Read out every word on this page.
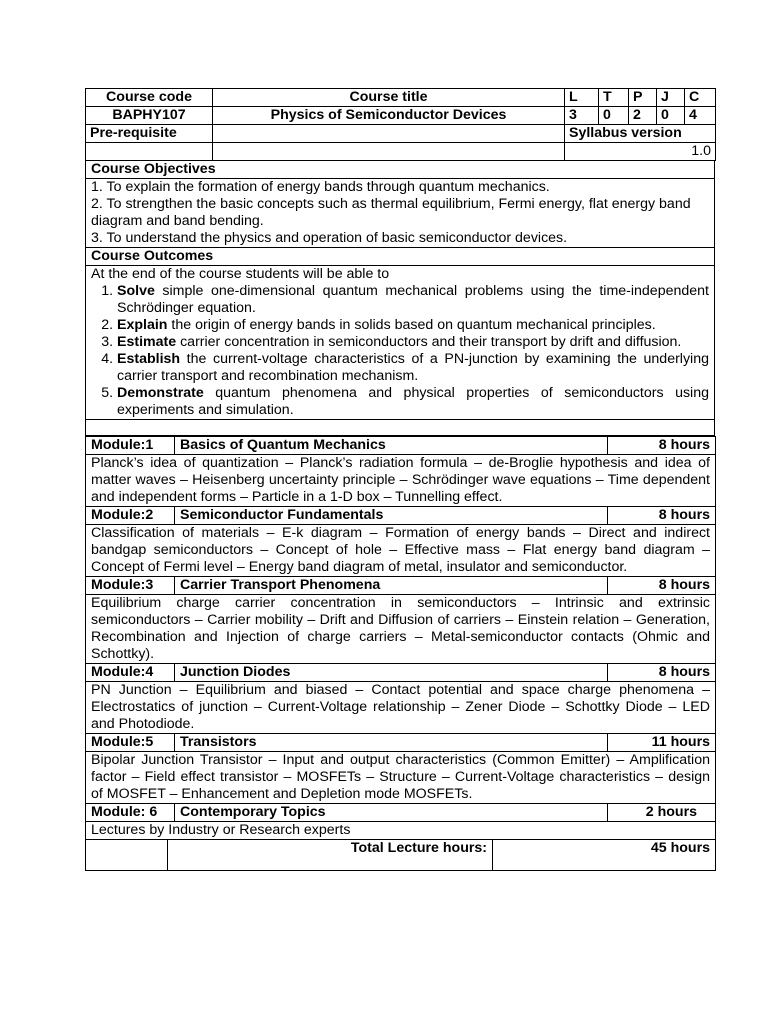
Course code	Course title	L	T	P	J	C
BAPHY107	Physics of Semiconductor Devices	3	0	2	0	4
Pre-requisite		Syllabus version				
		1.0				
Course Objectives

1. To explain the formation of energy bands through quantum mechanics.

2. To strengthen the basic concepts such as thermal equilibrium, Fermi energy, flat energy band diagram and band bending.

3. To understand the physics and operation of basic semiconductor devices.

Course Outcomes

At the end of the course students will be able to

1. Solve simple one-dimensional quantum mechanical problems using the time-independent Schrödinger equation.
2. Explain the origin of energy bands in solids based on quantum mechanical principles.
3. Estimate carrier concentration in semiconductors and their transport by drift and diffusion.
4. Establish the current-voltage characteristics of a PN-junction by examining the underlying carrier transport and recombination mechanism.
5. Demonstrate quantum phenomena and physical properties of semiconductors using experiments and simulation.

Module:1	Basics of Quantum Mechanics	8 hours
Planck’s idea of quantization – Planck’s radiation formula – de-Broglie hypothesis and idea of matter waves – Heisenberg uncertainty principle – Schrödinger wave equations – Time dependent and independent forms – Particle in a 1-D box – Tunnelling effect.		
Module:2	Semiconductor Fundamentals	8 hours
Classification of materials – E-k diagram – Formation of energy bands – Direct and indirect bandgap semiconductors – Concept of hole – Effective mass – Flat energy band diagram – Concept of Fermi level – Energy band diagram of metal, insulator and semiconductor.		
Module:3	Carrier Transport Phenomena	8 hours
Equilibrium charge carrier concentration in semiconductors – Intrinsic and extrinsic semiconductors – Carrier mobility – Drift and Diffusion of carriers – Einstein relation – Generation, Recombination and Injection of charge carriers – Metal-semiconductor contacts (Ohmic and Schottky).		
Module:4	Junction Diodes	8 hours
PN Junction – Equilibrium and biased – Contact potential and space charge phenomena – Electrostatics of junction – Current-Voltage relationship – Zener Diode – Schottky Diode – LED and Photodiode.		
Module:5	Transistors	11 hours
Bipolar Junction Transistor – Input and output characteristics (Common Emitter) – Amplification factor – Field effect transistor – MOSFETs – Structure – Current-Voltage characteristics – design of MOSFET – Enhancement and Depletion mode MOSFETs.		
Module: 6	Contemporary Topics	2 hours
Lectures by Industry or Research experts		
	Total Lecture hours:	45 hours
